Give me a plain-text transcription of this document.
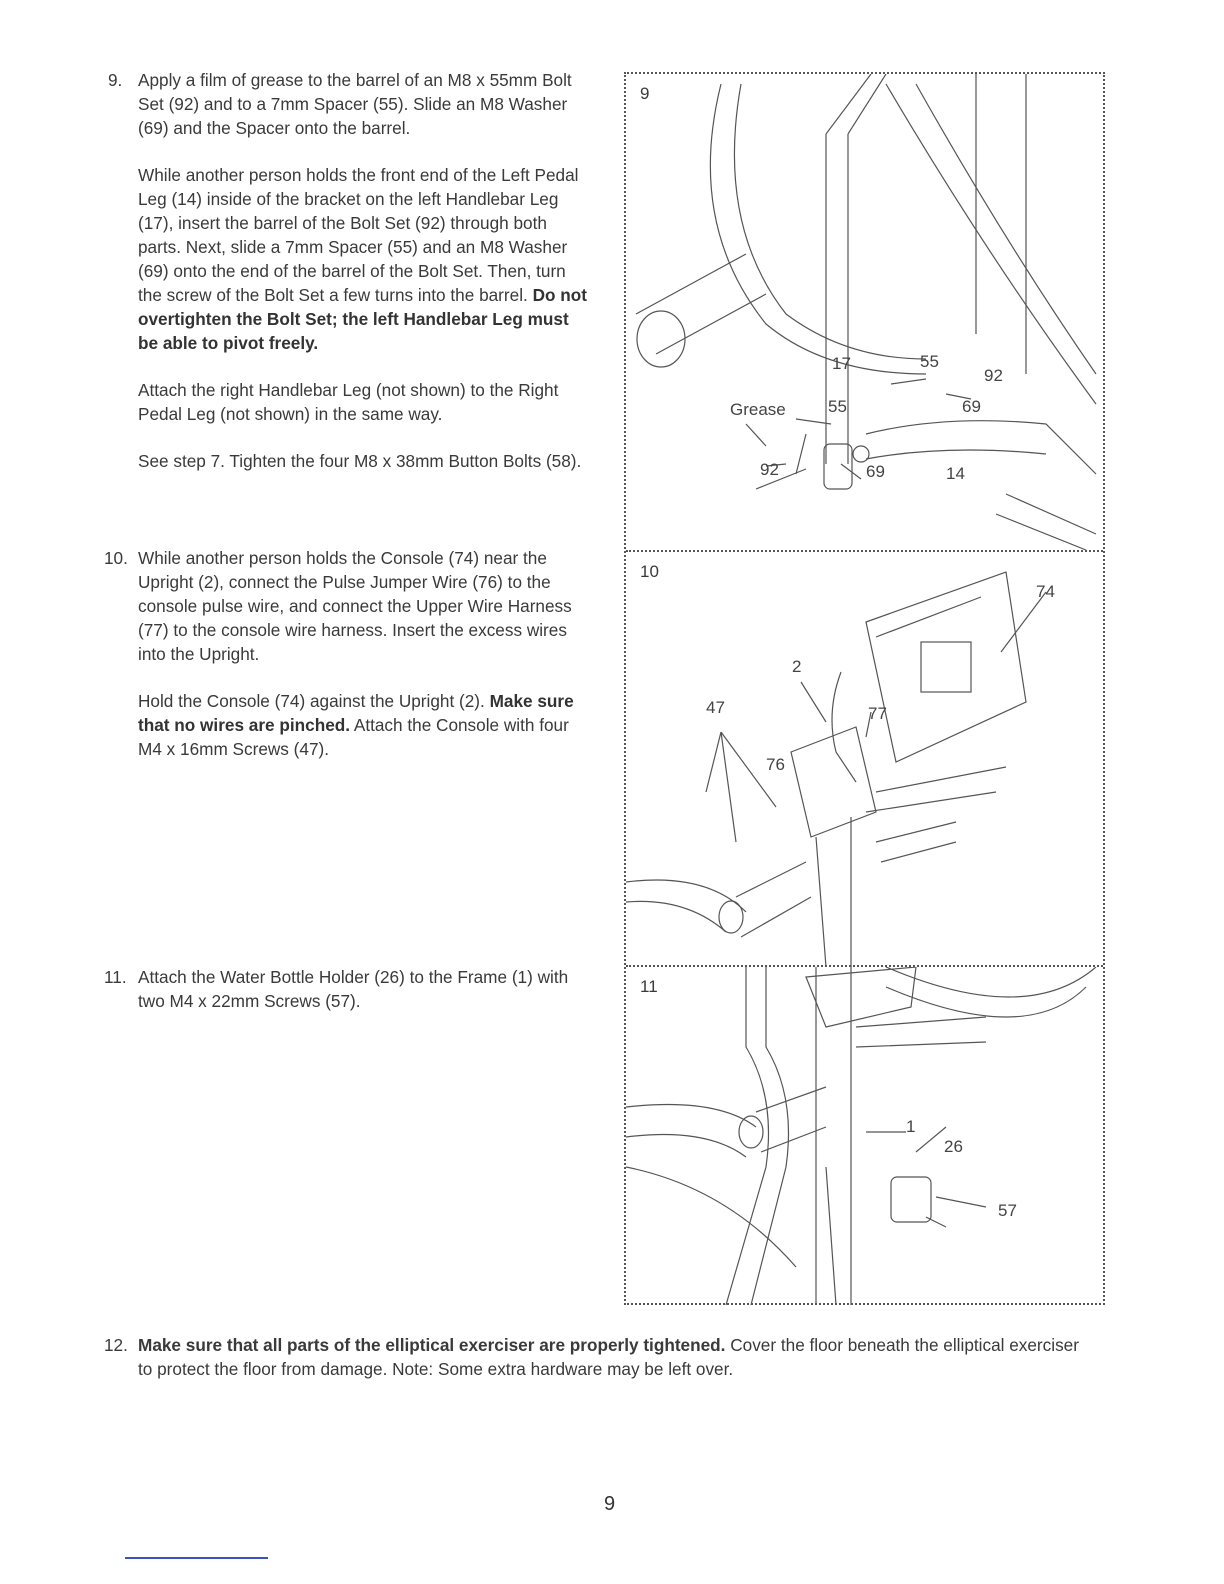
9. Apply a film of grease to the barrel of an M8 x 55mm Bolt Set (92) and to a 7mm Spacer (55). Slide an M8 Washer (69) and the Spacer onto the barrel.

While another person holds the front end of the Left Pedal Leg (14) inside of the bracket on the left Handlebar Leg (17), insert the barrel of the Bolt Set (92) through both parts. Next, slide a 7mm Spacer (55) and an M8 Washer (69) onto the end of the barrel of the Bolt Set. Then, turn the screw of the Bolt Set a few turns into the barrel. Do not overtighten the Bolt Set; the left Handlebar Leg must be able to pivot freely.

Attach the right Handlebar Leg (not shown) to the Right Pedal Leg (not shown) in the same way.

See step 7. Tighten the four M8 x 38mm Button Bolts (58).

10. While another person holds the Console (74) near the Upright (2), connect the Pulse Jumper Wire (76) to the console pulse wire, and connect the Upper Wire Harness (77) to the console wire harness. Insert the excess wires into the Upright.

Hold the Console (74) against the Upright (2). Make sure that no wires are pinched. Attach the Console with four M4 x 16mm Screws (47).

11. Attach the Water Bottle Holder (26) to the Frame (1) with two M4 x 22mm Screws (57).

9
17	55
92
Grease 55	69
92	69	14
10
74
2
47	77
76
11
1
26
57
12. Make sure that all parts of the elliptical exerciser are properly tightened. Cover the floor beneath the elliptical exerciser to protect the floor from damage. Note: Some extra hardware may be left over.

9
